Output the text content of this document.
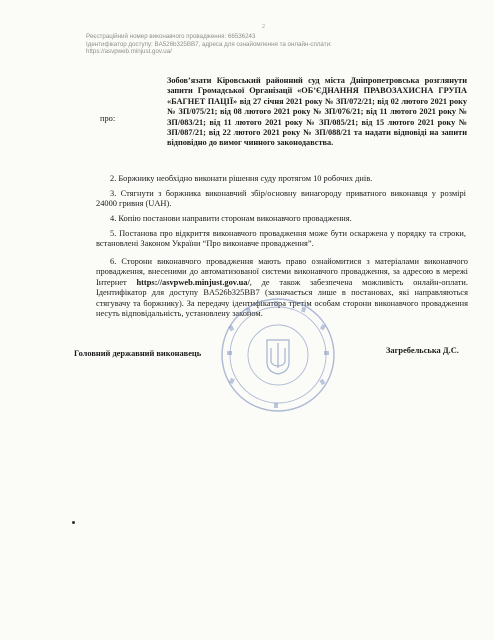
2
Реєстраційний номер виконавчого провадження: 66536243
Ідентифікатор доступу: BA526b325BB7, адреса для ознайомлення та онлайн-сплати:
https://asvpweb.minjust.gov.ua/
про:
Зобов’язати Кіровський районний суд міста Дніпропетровська розглянути запити Громадської Організації «ОБ’ЄДНАННЯ ПРАВОЗАХИСНА ГРУПА «БАГНЕТ ПАЦІЇ» від 27 січня 2021 року № ЗП/072/21; від 02 лютого 2021 року № ЗП/075/21; від 08 лютого 2021 року № ЗП/076/21; від 11 лютого 2021 року № ЗП/083/21; від 11 лютого 2021 року № ЗП/085/21; від 15 лютого 2021 року № ЗП/087/21; від 22 лютого 2021 року № ЗП/088/21 та надати відповіді на запити відповідно до вимог чинного законодавства.
2. Боржнику необхідно виконати рішення суду протягом 10 робочих днів.
3. Стягнути з боржника виконавчий збір/основну винагороду приватного виконавця у розмірі 24000 гривня (UAH).
4. Копію постанови направити сторонам виконавчого провадження.
5. Постанова про відкриття виконавчого провадження може бути оскаржена у порядку та строки, встановлені Законом України “Про виконавче провадження”.
6. Сторони виконавчого провадження мають право ознайомитися з матеріалами виконавчого провадження, внесеними до автоматизованої системи виконавчого провадження, за адресою в мережі Інтернет https://asvpweb.minjust.gov.ua/, де також забезпечена можливість онлайн-оплати. Ідентифікатор для доступу BA526b325BB7 (зазначається лише в постановах, які направляються стягувачу та боржнику). За передачу ідентифікатора третім особам сторони виконавчого провадження несуть відповідальність, установлену законом.
Головний державний виконавець	Загребельська Д.С.
